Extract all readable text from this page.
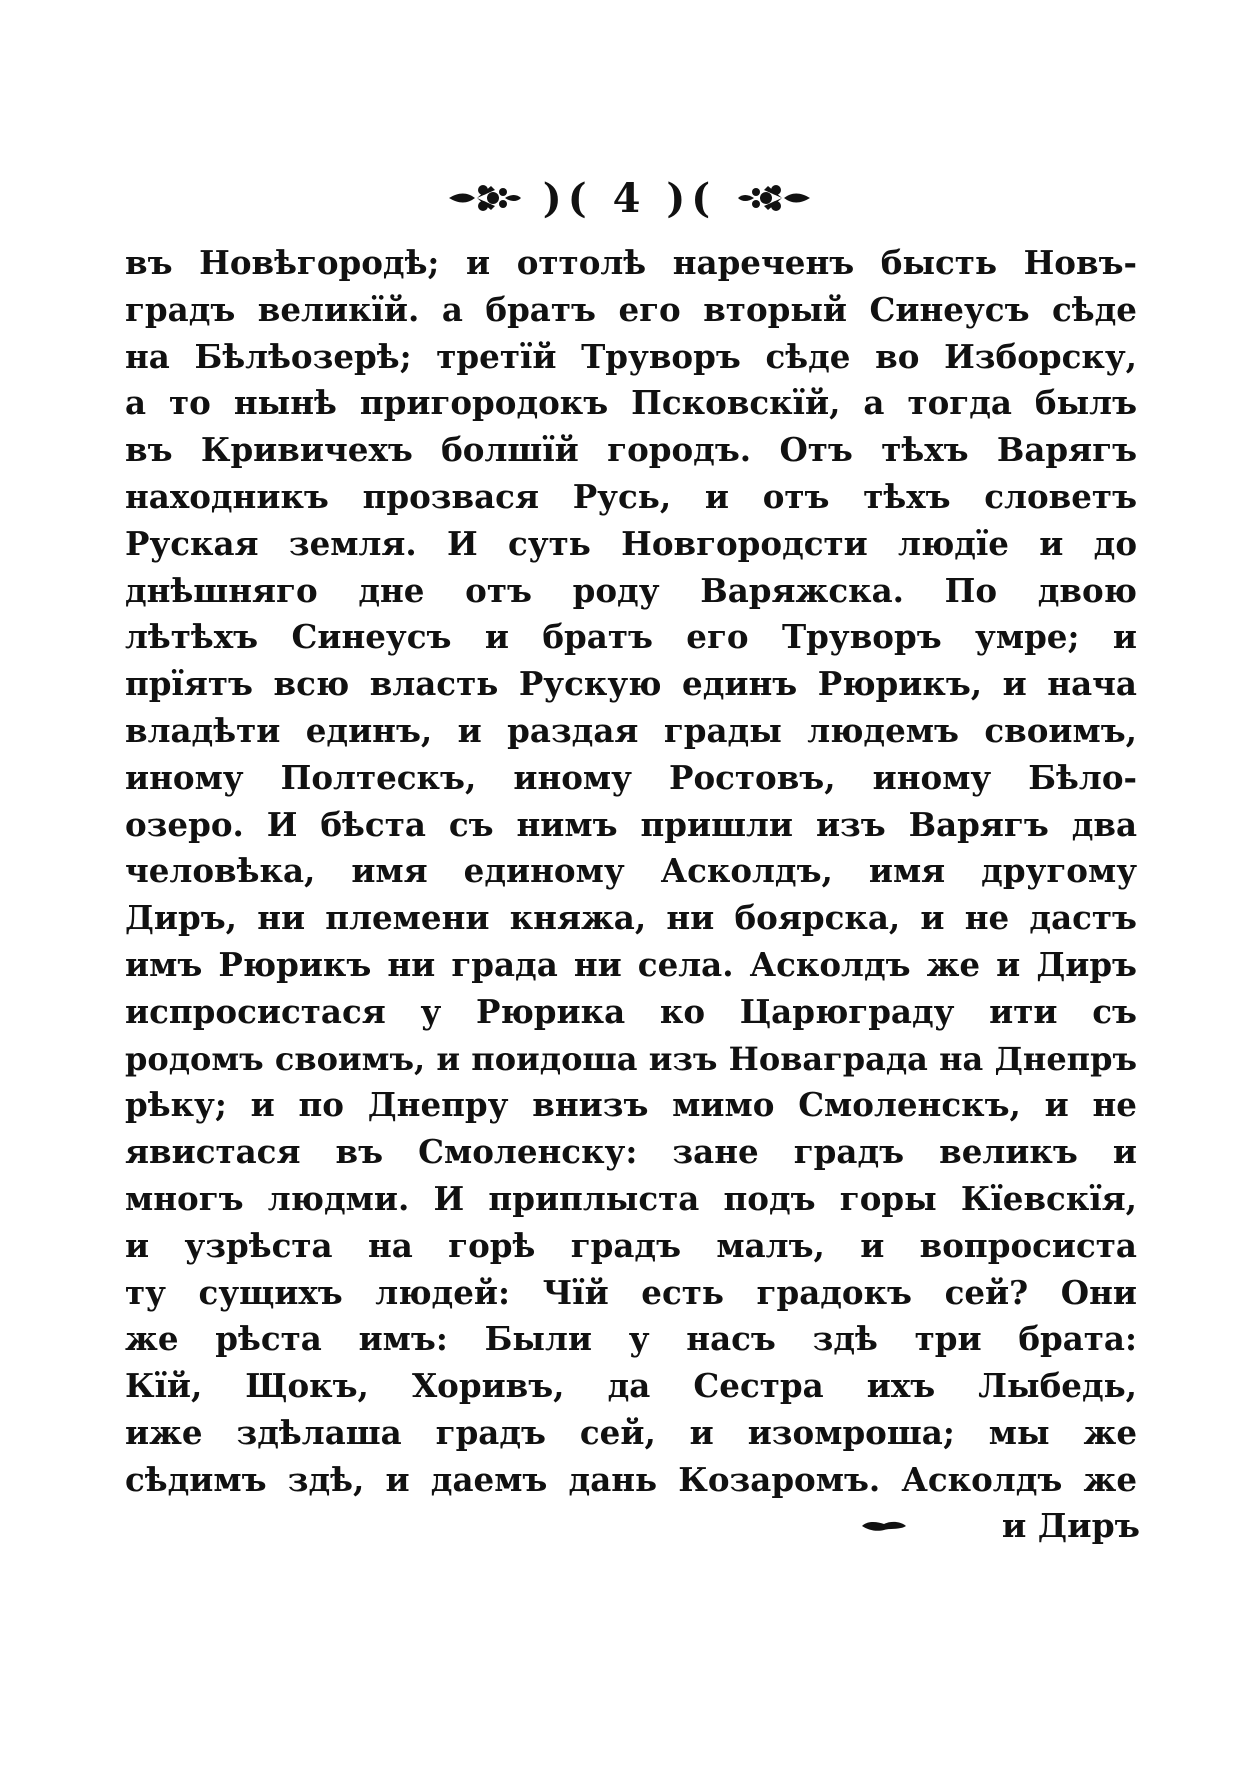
)( 4 )(
въ Новѣгородѣ; и оттолѣ нареченъ бысть Новъ-
градъ великїй. а братъ его вторый Синеусъ сѣде
на Бѣлѣозерѣ; третїй Труворъ сѣде во Изборску,
а то нынѣ пригородокъ Псковскїй, а тогда былъ
въ Кривичехъ болшїй городъ. Отъ тѣхъ Варягъ
находникъ прозвася Русь, и отъ тѣхъ словетъ
Руская земля. И суть Новгородсти людїе и до
днѣшняго дне отъ роду Варяжска. По двою
лѣтѣхъ Синеусъ и братъ его Труворъ умре; и
прїятъ всю власть Рускую единъ Рюрикъ, и нача
владѣти единъ, и раздая грады людемъ своимъ,
иному Полтескъ, иному Ростовъ, иному Бѣло-
озеро. И бѣста съ нимъ пришли изъ Варягъ два
человѣка, имя единому Аскoлдъ, имя другому
Диръ, ни племени княжа, ни боярска, и не дастъ
имъ Рюрикъ ни града ни села. Аскoлдъ же и Диръ
испросистася у Рюрика ко Царюграду ити съ
родомъ своимъ, и поидоша изъ Новаграда на Днепръ
рѣку; и по Днепру внизъ мимо Смоленскъ, и не
явистася въ Смоленску: зане градъ великъ и
многъ людми. И приплыста подъ горы Кїевскїя,
и узрѣста на горѣ градъ малъ, и вопросиста
ту сущихъ людей: Чїй есть градокъ сей? Они
же рѣста имъ: Были у насъ здѣ три брата:
Кїй, Щокъ, Хоривъ, да Сестра ихъ Лыбедь,
иже здѣлаша градъ сей, и изомроша; мы же
сѣдимъ здѣ, и даемъ дань Козаромъ. Аскoлдъ же
и Диръ
